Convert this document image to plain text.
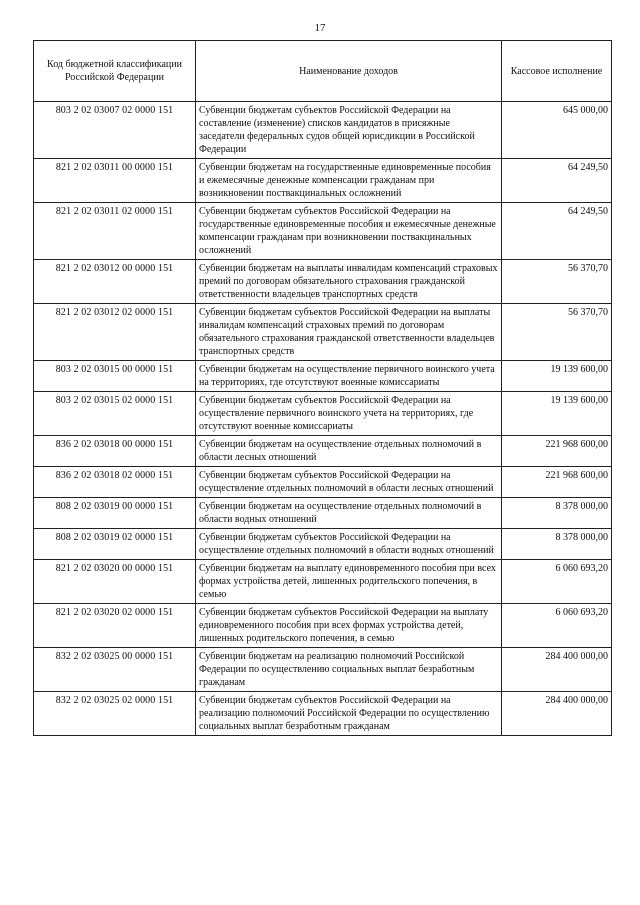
17
Код бюджетной классификации Российской Федерации	Наименование доходов	Кассовое исполнение
803 2 02 03007 02 0000 151	Субвенции бюджетам субъектов Российской Федерации на составление (изменение) списков кандидатов в присяжные заседатели федеральных судов общей юрисдикции в Российской Федерации	645 000,00
821 2 02 03011 00 0000 151	Субвенции бюджетам на государственные единовременные пособия и ежемесячные денежные компенсации гражданам при возникновении поствакцинальных осложнений	64 249,50
821 2 02 03011 02 0000 151	Субвенции бюджетам субъектов Российской Федерации на государственные единовременные пособия и ежемесячные денежные компенсации гражданам при возникновении поствакцинальных осложнений	64 249,50
821 2 02 03012 00 0000 151	Субвенции бюджетам на выплаты инвалидам компенсаций страховых премий по договорам обязательного страхования гражданской ответственности владельцев транспортных средств	56 370,70
821 2 02 03012 02 0000 151	Субвенции бюджетам субъектов Российской Федерации на выплаты инвалидам компенсаций страховых премий по договорам обязательного страхования гражданской ответственности владельцев транспортных средств	56 370,70
803 2 02 03015 00 0000 151	Субвенции бюджетам на осуществление первичного воинского учета на территориях, где отсутствуют военные комиссариаты	19 139 600,00
803 2 02 03015 02 0000 151	Субвенции бюджетам субъектов Российской Федерации на осуществление первичного воинского учета на территориях, где отсутствуют военные комиссариаты	19 139 600,00
836 2 02 03018 00 0000 151	Субвенции бюджетам на осуществление отдельных полномочий в области лесных отношений	221 968 600,00
836 2 02 03018 02 0000 151	Субвенции бюджетам субъектов Российской Федерации на осуществление отдельных полномочий в области лесных отношений	221 968 600,00
808 2 02 03019 00 0000 151	Субвенции бюджетам на осуществление отдельных полномочий в области водных отношений	8 378 000,00
808 2 02 03019 02 0000 151	Субвенции бюджетам субъектов Российской Федерации на осуществление отдельных полномочий в области водных отношений	8 378 000,00
821 2 02 03020 00 0000 151	Субвенции бюджетам на выплату единовременного пособия при всех формах устройства детей, лишенных родительского попечения, в семью	6 060 693,20
821 2 02 03020 02 0000 151	Субвенции бюджетам субъектов Российской Федерации на выплату единовременного пособия при всех формах устройства детей, лишенных родительского попечения, в семью	6 060 693,20
832 2 02 03025 00 0000 151	Субвенции бюджетам на реализацию полномочий Российской Федерации по осуществлению социальных выплат безработным гражданам	284 400 000,00
832 2 02 03025 02 0000 151	Субвенции бюджетам субъектов Российской Федерации на реализацию полномочий Российской Федерации по осуществлению социальных выплат безработным гражданам	284 400 000,00
